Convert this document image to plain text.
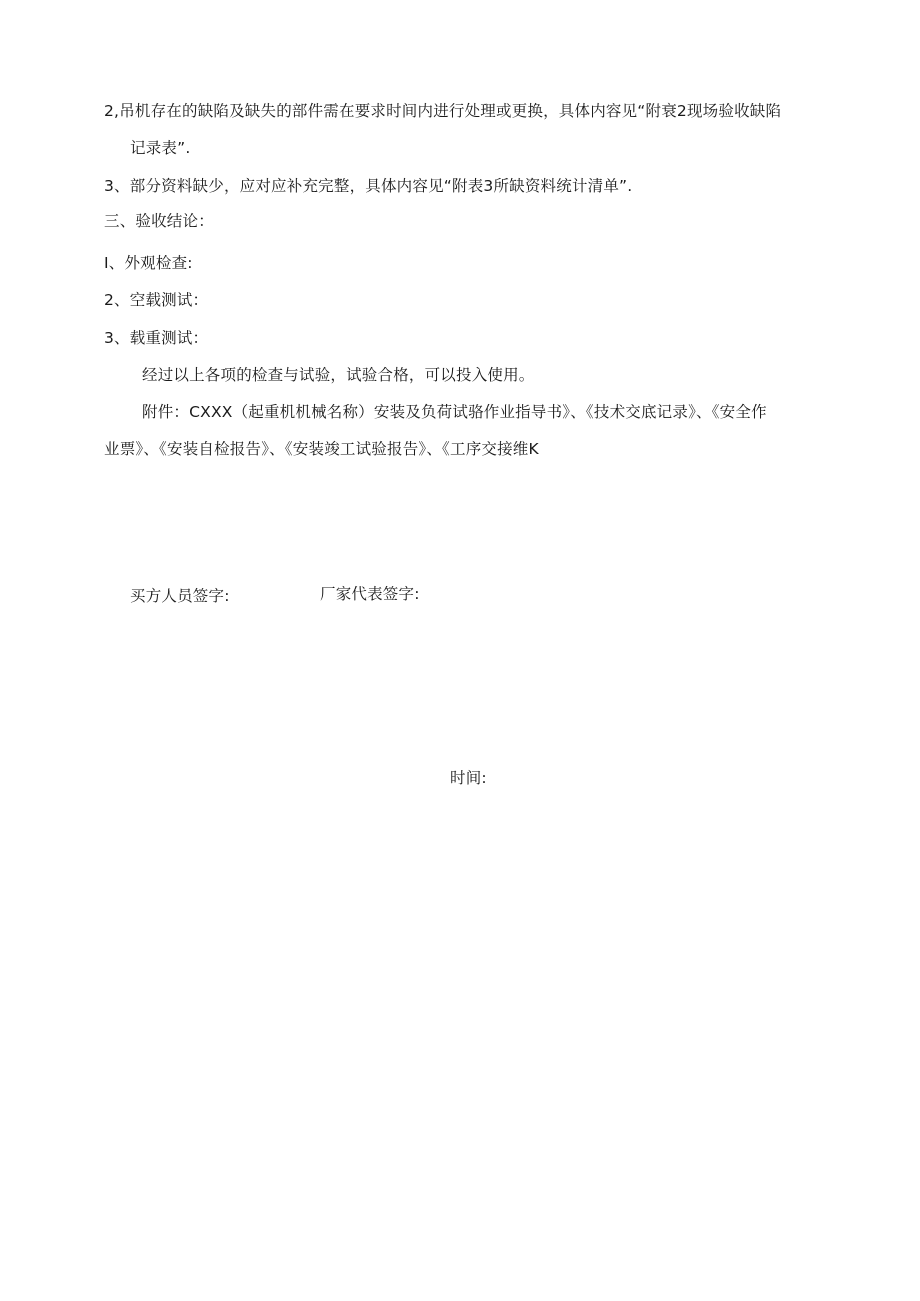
2,吊机存在的缺陷及缺失的部件需在要求时间内进行处理或更换，具体内容见“附衰2现场验收缺陷
记录表”.
3、部分资料缺少，应对应补充完整，具体内容见“附表3所缺资料统计清单”.
三、验收结论：
I、外观检查:
2、空载测试：
3、载重测试：
经过以上各项的检查与试验，试验合格，可以投入使用。
附件：CXXX（起重机机械名称）安装及负荷试骆作业指导书》、《技术交底记录》、《安全作
业票》、《安装自检报告》、《安装竣工试验报告》、《工序交接维K
买方人员签字:	厂家代表签字:
时间:
